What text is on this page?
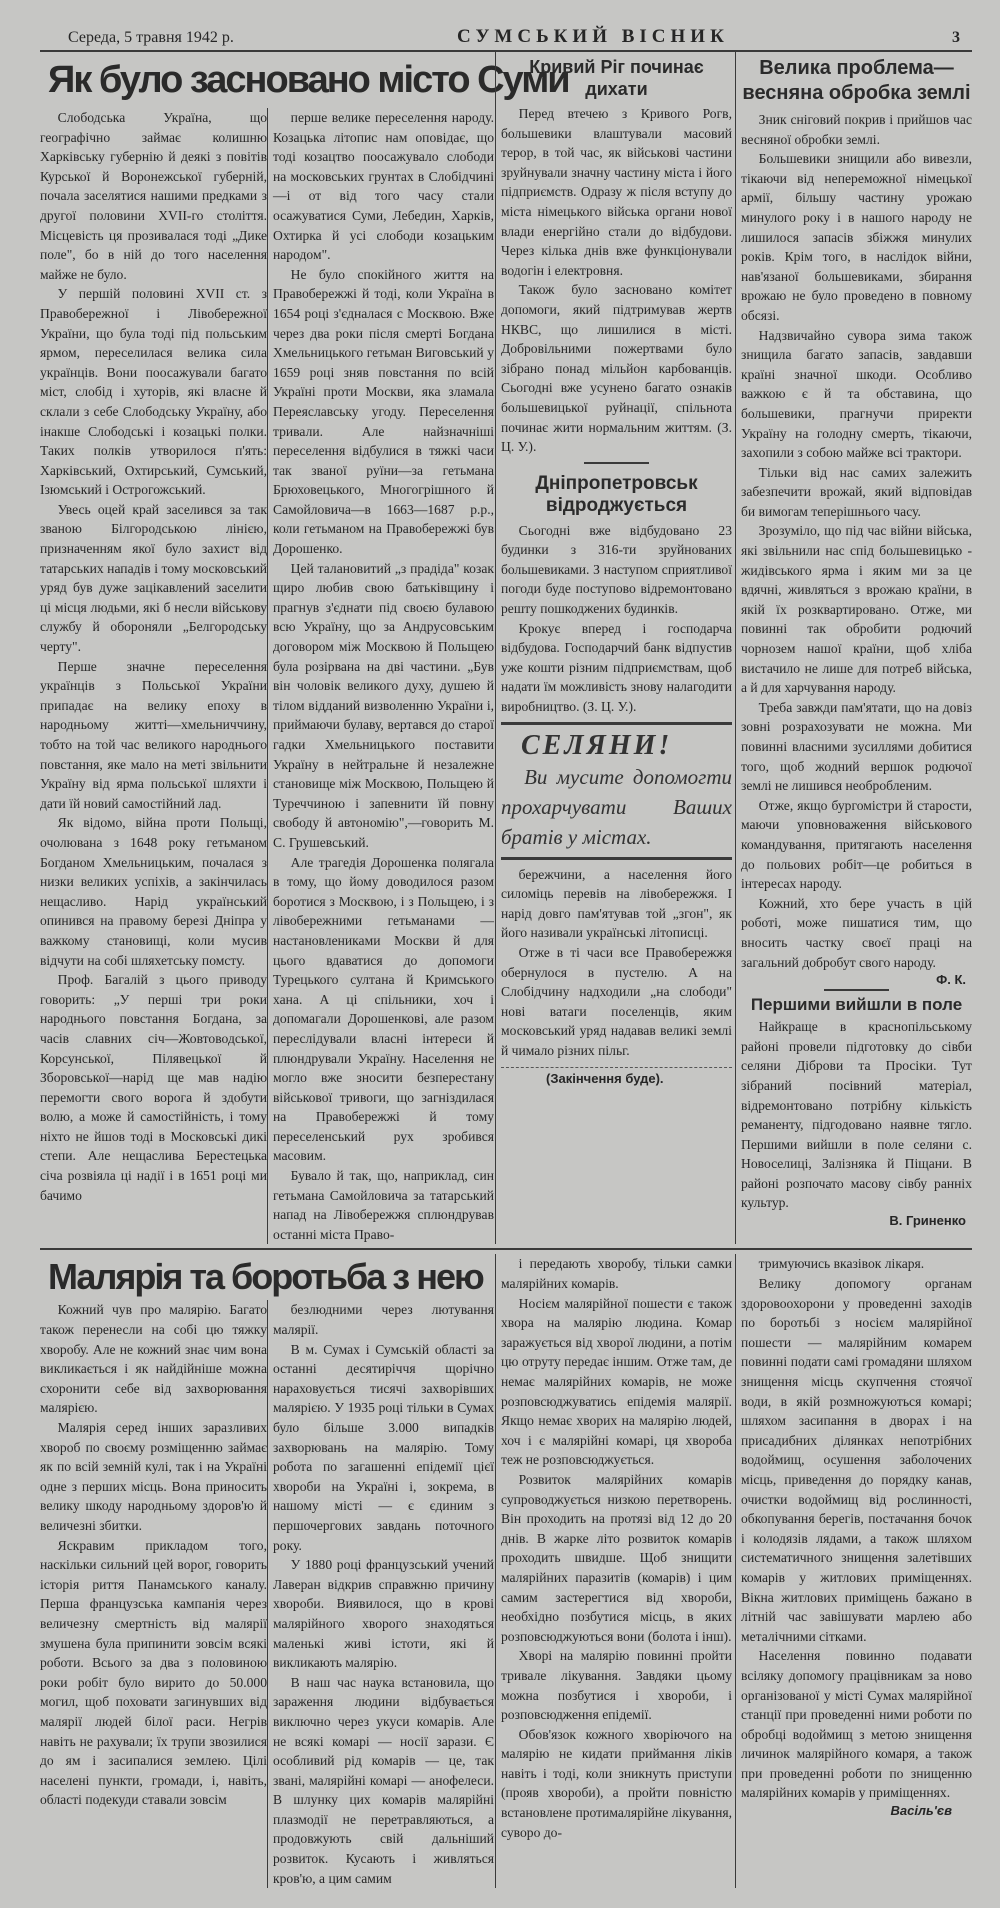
Середа, 5 травня 1942 р.	СУМСЬКИЙ ВІСНИК	3
Як було засновано місто Суми

Слободська Україна, що географічно займає колишню Харківську губернію й деякі з повітів Курської й Воронежської губерній, почала заселятися нашими предками з другої половини XVII-го століття. Місцевість ця прозивалася тоді „Дике поле", бо в ній до того населення майже не було.

У першій половині XVII ст. з Правобережної і Лівобережної України, що була тоді під польським ярмом, переселилася велика сила українців. Вони поосажували багато міст, слобід і хуторів, які власне й склали з себе Слободську Україну, або інакше Слободські і козацькі полки. Таких полків утворилося п'ять: Харківський, Охтирський, Сумський, Ізюмський і Острогожський.

Увесь оцей край заселився за так званою Білгородською лінією, призначенням якої було захист від татарських нападів і тому московський уряд був дуже зацікавлений заселити ці місця людьми, які б несли військову службу й обороняли „Белгородську черту".

Перше значне переселення українців з Польської України припадає на велику епоху в народньому житті—хмельниччину, тобто на той час великого народнього повстання, яке мало на меті звільнити Україну від ярма польської шляхти і дати їй новий самостійний лад.

Як відомо, війна проти Польщі, очолювана з 1648 року гетьманом Богданом Хмельницьким, почалася з низки великих успіхів, а закінчилась нещасливо. Нарід український опинився на правому березі Дніпра у важкому становищі, коли мусив відчути на собі шляхетську помсту.

Проф. Багалій з цього приводу говорить: „У перші три роки народнього повстання Богдана, за часів славних січ—Жовтоводської, Корсунської, Пілявецької й Зборовської—нарід ще мав надію перемогти свого ворога й здобути волю, а може й самостійність, і тому ніхто не йшов тоді в Московські дикі степи. Але нещаслива Берестецька січа розвіяла ці надії і в 1651 році ми бачимо

перше велике переселення народу. Козацька літопис нам оповідає, що тоді козацтво поосажувало слободи на московських грунтах в Слобідчині—і от від того часу стали осажуватися Суми, Лебедин, Харків, Охтирка й усі слободи козацьким народом".

Не було спокійного життя на Правобережжі й тоді, коли Україна в 1654 році з'єдналася с Москвою. Вже через два роки після смерті Богдана Хмельницького гетьман Виговський у 1659 році зняв повстання по всій Україні проти Москви, яка зламала Переяславську угоду. Переселення тривали. Але найзначніші переселення відбулися в тяжкі часи так званої руїни—за гетьмана Брюховецького, Многогрішного й Самойловича—в 1663—1687 р.р., коли гетьманом на Правобережжі був Дорошенко.

Цей талановитий „з прадіда" козак щиро любив свою батьківщину і прагнув з'єднати під своєю булавою всю Україну, що за Андрусовським договором між Москвою й Польщею була розірвана на дві частини. „Був він чоловік великого духу, душею й тілом відданий визволенню України і, приймаючи булаву, вертався до старої гадки Хмельницького поставити Україну в нейтральне й незалежне становище між Москвою, Польщею й Туреччиною і запевнити їй повну свободу й автономію",—говорить М. С. Грушевський.

Але трагедія Дорошенка полягала в тому, що йому доводилося разом боротися з Москвою, і з Польщею, і з лівобережними гетьманами — настановлениками Москви й для цього вдаватися до допомоги Турецького султана й Кримського хана. А ці спільники, хоч і допомагали Дорошенкові, але разом переслідували власні інтереси й плюндрували Україну. Населення не могло вже зносити безперестану військової тривоги, що загніздилася на Правобережжі й тому переселенський рух зробився масовим.

Бувало й так, що, наприклад, син гетьмана Самойловича за татарський напад на Лівобережжя сплюндрував останні міста Право-

Кривий Ріг починає дихати

Перед втечею з Кривого Рогв, большевики влаштували масовий терор, в той час, як військові частини зруйнували значну частину міста і його підприємств. Одразу ж після вступу до міста німецького війська органи нової влади енергійно стали до відбудови. Через кілька днів вже функціонували водогін і електровня.

Також було засновано комітет допомоги, який підтримував жертв НКВС, що лишилися в місті. Добровільними пожертвами було зібрано понад мільйон карбованців. Сьогодні вже усунено багато ознаків большевицької руйнації, спільнота починає жити нормальним життям. (З. Ц. У.).

Дніпропетровськ відроджується

Сьогодні вже відбудовано 23 будинки з 316-ти зруйнованих большевиками. З наступом сприятливої погоди буде поступово відремонтовано решту пошкоджених будинків.

Крокує вперед і господарча відбудова. Господарчий банк відпустив уже кошти різним підприємствам, щоб надати їм можливість знову налагодити виробництво. (З. Ц. У.).

СЕЛЯНИ!
Ви мусите допомогти прохарчувати Ваших братів у містах.

бережчини, а населення його силоміць перевів на лівобережжя. І нарід довго пам'ятував той „згон", як його називали українські літописці.

Отже в ті часи все Правобережжя обернулося в пустелю. А на Слобідчину надходили „на слободи" нові ватаги поселенців, яким московський уряд надавав великі землі й чимало різних пільг.

(Закінчення буде).
Велика проблема— весняна обробка землі

Зник сніговий покрив і прийшов час весняної обробки землі.

Большевики знищили або вивезли, тікаючи від непереможної німецької армії, більшу частину урожаю минулого року і в нашого народу не лишилося запасів збіжжя минулих років. Крім того, в наслідок війни, нав'язаної большевиками, збирання врожаю не було проведено в повному обсязі.

Надзвичайно сувора зима також знищила багато запасів, завдавши країні значної шкоди. Особливо важкою є й та обставина, що большевики, прагнучи приректи Україну на голодну смерть, тікаючи, захопили з собою майже всі трактори.

Тільки від нас самих залежить забезпечити врожай, який відповідав би вимогам теперішнього часу.

Зрозуміло, що під час війни війська, які звільнили нас спід большевицько - жидівського ярма і яким ми за це вдячні, живляться з врожаю країни, в якій їх розквартировано. Отже, ми повинні так обробити родючий чорнозем нашої країни, щоб хліба вистачило не лише для потреб війська, а й для харчування народу.

Треба завжди пам'ятати, що на довіз зовні розрахозувати не можна. Ми повинні власними зусиллями добитися того, щоб жодний вершок родючої землі не лишився необробленим.

Отже, якщо бургомістри й старости, маючи уповноваження військового командування, притягають населення до польових робіт—це робиться в інтересах народу.

Кожний, хто бере участь в цій роботі, може пишатися тим, що вносить частку своєї праці на загальний добробут свого народу.

Ф. К.
Першими вийшли в поле

Найкраще в краснопільському районі провели підготовку до сівби селяни Діброви та Просіки. Тут зібраний посівний матеріал, відремонтовано потрібну кількість реманенту, підгодовано наявне тягло. Першими вийшли в поле селяни с. Новоселиці, Залізняка й Піщани. В районі розпочато масову сівбу ранніх культур.

В. Гриненко
Малярія та боротьба з нею

Кожний чув про малярію. Багато також перенесли на собі цю тяжку хворобу. Але не кожний знає чим вона викликається і як найдійніше можна схоронити себе від захворювання малярією.

Малярія серед інших заразливих хвороб по своєму розміщенню займає як по всій земній кулі, так і на Україні одне з перших місць. Вона приносить велику шкоду народньому здоров'ю й величезні збитки.

Яскравим прикладом того, наскільки сильний цей ворог, говорить історія риття Панамського каналу. Перша французська кампанія через величезну смертність від малярії змушена була припинити зовсім всякі роботи. Всього за два з половиною роки робіт було вирито до 50.000 могил, щоб поховати загинувших від малярії людей білої раси. Негрів навіть не рахували; їх трупи звозилися до ям і засипалися землею. Цілі населені пункти, громади, і, навіть, області подекуди ставали зовсім

безлюдними через лютування малярії.

В м. Сумах і Сумській області за останні десятиріччя щорічно нараховується тисячі захворівших малярією. У 1935 році тільки в Сумах було більше 3.000 випадків захворювань на малярію. Тому робота по загашенні епідемії цієї хвороби на Україні і, зокрема, в нашому місті — є єдиним з першочергових завдань поточного року.

У 1880 році французський учений Лаверан відкрив справжню причину хвороби. Виявилося, що в крові малярійного хворого знаходяться маленькі живі істоти, які й викликають малярію.

В наш час наука встановила, що зараження людини відбувається виключно через укуси комарів. Але не всякі комарі — носії зарази. Є особливий рід комарів — це, так звані, малярійні комарі — анофелеси. В шлунку цих комарів малярійні плазмодії не перетравляються, а продовжують свій дальніший розвиток. Кусають і живляться кров'ю, а цим самим

і передають хворобу, тільки самки малярійних комарів.

Носієм малярійної пошести є також хвора на малярію людина. Комар заражується від хворої людини, а потім цю отруту передає іншим. Отже там, де немає малярійних комарів, не може розповсюджуватись епідемія малярії. Якщо немає хворих на малярію людей, хоч і є малярійні комарі, ця хвороба теж не розповсюджується.

Розвиток малярійних комарів супроводжується низкою перетворень. Він проходить на протязі від 12 до 20 днів. В жарке літо розвиток комарів проходить швидше. Щоб знищити малярійних паразитів (комарів) і цим самим застерегтися від хвороби, необхідно позбутися місць, в яких розповсюджуються вони (болота і інш).

Хворі на малярію повинні пройти тривале лікування. Завдяки цьому можна позбутися і хвороби, і розповсюдження епідемії.

Обов'язок кожного хворіючого на малярію не кидати приймання ліків навіть і тоді, коли зникнуть приступи (прояв хвороби), а пройти повністю встановлене протималярійне лікування, суворо до-

тримуючись вказівок лікаря.

Велику допомогу органам здоровоохорони у проведенні заходів по боротьбі з носієм малярійної пошести — малярійним комарем повинні подати самі громадяни шляхом знищення місць скупчення стоячої води, в якій розмножуються комарі; шляхом засипання в дворах і на присадибних ділянках непотрібних водоймищ, осушення заболочених місць, приведення до порядку канав, очистки водоймищ від рослинності, обкопування берегів, постачання бочок і колодязів лядами, а також шляхом систематичного знищення залетівших комарів у житлових приміщеннях. Вікна житлових приміщень бажано в літній час завішувати марлею або металічними сітками.

Населення повинно подавати всіляку допомогу працівникам за ново організованої у місті Сумах малярійної станції при проведенні ними роботи по обробці водоймищ з метою знищення личинок малярійного комаря, а також при проведенні роботи по знищенню малярійних комарів у приміщеннях.

Васіль'єв
